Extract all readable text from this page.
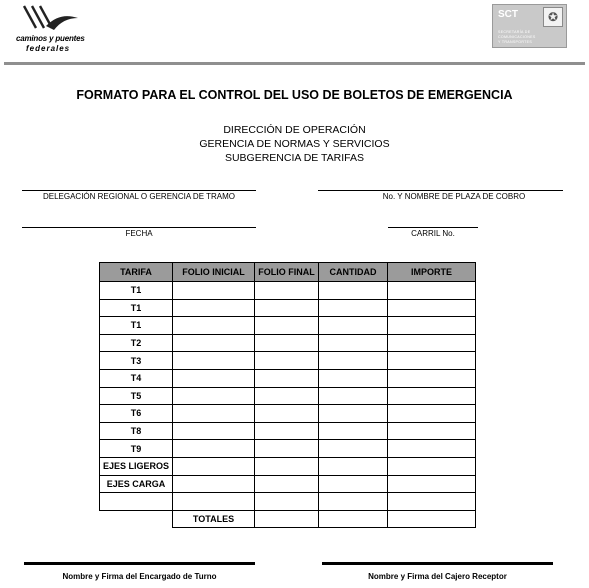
caminos y puentes
federales
SCT	✪
SECRETARÍA DE
COMUNICACIONES
Y TRANSPORTES
FORMATO PARA EL CONTROL DEL USO DE BOLETOS DE EMERGENCIA
DIRECCIÓN DE OPERACIÓN
GERENCIA DE NORMAS Y SERVICIOS
SUBGERENCIA DE TARIFAS
DELEGACIÓN REGIONAL O GERENCIA DE TRAMO	No. Y NOMBRE DE PLAZA DE COBRO
FECHA	CARRIL No.
TARIFA	FOLIO INICIAL	FOLIO FINAL	CANTIDAD	IMPORTE
T1				
T1				
T1				
T2				
T3				
T4				
T5				
T6				
T8				
T9				
EJES LIGEROS				
EJES CARGA				

	TOTALES			
Nombre y Firma del Encargado de Turno	Nombre y Firma del Cajero Receptor
